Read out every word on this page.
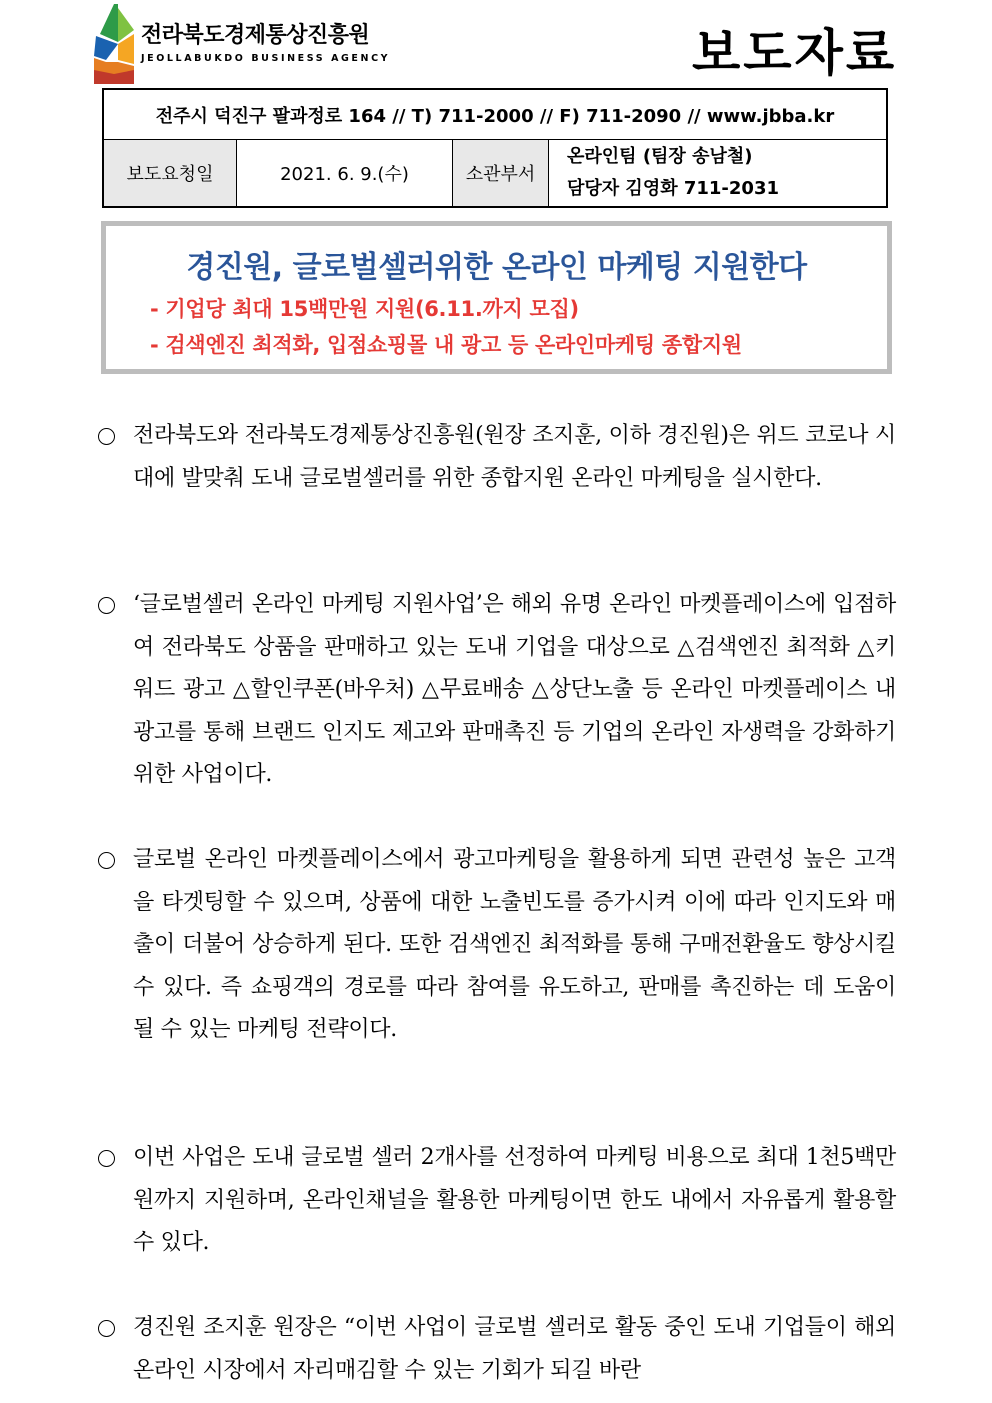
전라북도경제통상진흥원
JEOLLABUKDO BUSINESS AGENCY	보도자료
전주시 덕진구 팔과정로 164 // T) 711-2000 // F) 711-2090 // www.jbba.kr
보도요청일	2021. 6. 9.(수)	소관부서
온라인팀 (팀장 송남철)
담당자 김영화 711-2031
경진원, 글로벌셀러위한 온라인 마케팅 지원한다
- 기업당 최대 15백만원 지원(6.11.까지 모집)
- 검색엔진 최적화, 입점쇼핑몰 내 광고 등 온라인마케팅 종합지원
전라북도와 전라북도경제통상진흥원(원장 조지훈, 이하 경진원)은 위드 코로나 시대에 발맞춰 도내 글로벌셀러를 위한 종합지원 온라인 마케팅을 실시한다.
‘글로벌셀러 온라인 마케팅 지원사업’은 해외 유명 온라인 마켓플레이스에 입점하여 전라북도 상품을 판매하고 있는 도내 기업을 대상으로 △검색엔진 최적화 △키워드 광고 △할인쿠폰(바우처) △무료배송 △상단노출 등 온라인 마켓플레이스 내 광고를 통해 브랜드 인지도 제고와 판매촉진 등 기업의 온라인 자생력을 강화하기 위한 사업이다.
글로벌 온라인 마켓플레이스에서 광고마케팅을 활용하게 되면 관련성 높은 고객을 타겟팅할 수 있으며, 상품에 대한 노출빈도를 증가시켜 이에 따라 인지도와 매출이 더불어 상승하게 된다. 또한 검색엔진 최적화를 통해 구매전환율도 향상시킬 수 있다. 즉 쇼핑객의 경로를 따라 참여를 유도하고, 판매를 촉진하는 데 도움이 될 수 있는 마케팅 전략이다.
이번 사업은 도내 글로벌 셀러 2개사를 선정하여 마케팅 비용으로 최대 1천5백만원까지 지원하며, 온라인채널을 활용한 마케팅이면 한도 내에서 자유롭게 활용할 수 있다.
경진원 조지훈 원장은 “이번 사업이 글로벌 셀러로 활동 중인 도내 기업들이 해외 온라인 시장에서 자리매김할 수 있는 기회가 되길 바란
